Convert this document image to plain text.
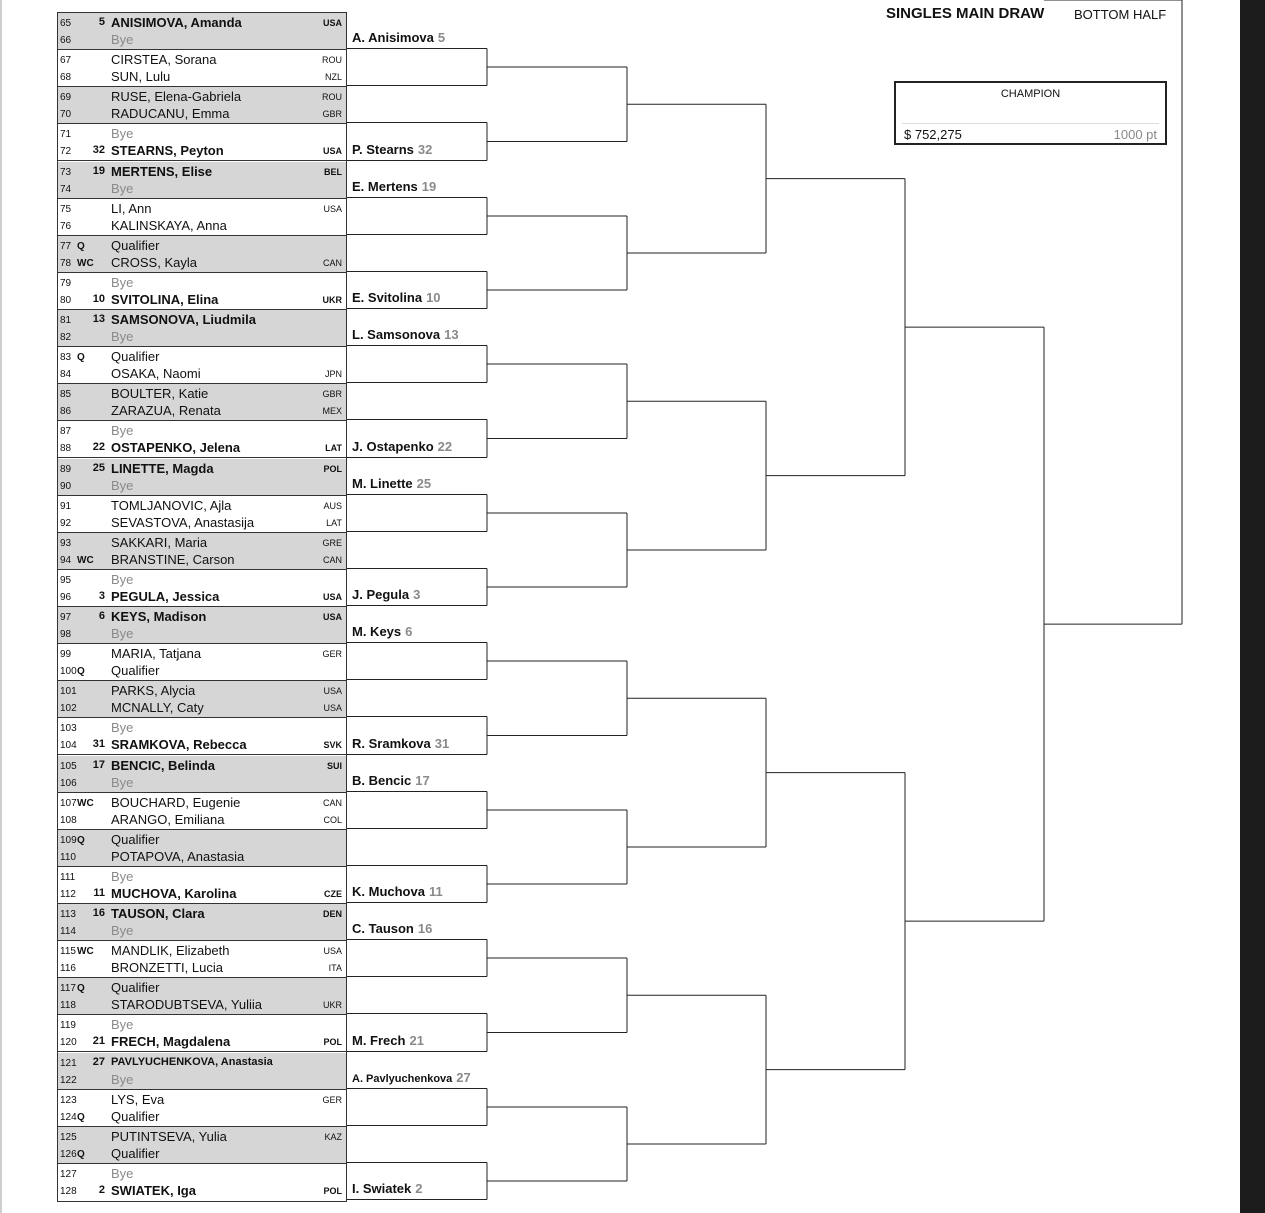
SINGLES MAIN DRAW BOTTOM HALF
CHAMPION
$ 752,275	1000 pt
65	5 ANISIMOVA, Amanda	USA
66	Bye
67	CIRSTEA, Sorana	ROU
68	SUN, Lulu	NZL
69	RUSE, Elena-Gabriela	ROU
70	RADUCANU, Emma	GBR
71	Bye
72 32 STEARNS, Peyton	USA
73 19 MERTENS, Elise	BEL
74	Bye
75	LI, Ann	USA
76	KALINSKAYA, Anna
77 Q Qualifier
78 WC CROSS, Kayla	CAN
79	Bye
80 10 SVITOLINA, Elina	UKR
81 13 SAMSONOVA, Liudmila
82	Bye
83 Q Qualifier
84	OSAKA, Naomi	JPN
85	BOULTER, Katie	GBR
86	ZARAZUA, Renata	MEX
87	Bye
88 22 OSTAPENKO, Jelena	LAT
89 25 LINETTE, Magda	POL
90	Bye
91	TOMLJANOVIC, Ajla	AUS
92	SEVASTOVA, Anastasija	LAT
93	SAKKARI, Maria	GRE
94 WC BRANSTINE, Carson	CAN
95	Bye
96	3 PEGULA, Jessica	USA
97	6 KEYS, Madison	USA
98	Bye
99	MARIA, Tatjana	GER
100 Q Qualifier
101	PARKS, Alycia	USA
102	MCNALLY, Caty	USA
103	Bye
104 31 SRAMKOVA, Rebecca	SVK
105 17 BENCIC, Belinda	SUI
106	Bye
107 WC BOUCHARD, Eugenie	CAN
108	ARANGO, Emiliana	COL
109 Q Qualifier
110	POTAPOVA, Anastasia
111	Bye
112 11 MUCHOVA, Karolina	CZE
113 16 TAUSON, Clara	DEN
114	Bye
115 WC MANDLIK, Elizabeth	USA
116	BRONZETTI, Lucia	ITA
117 Q Qualifier
118	STARODUBTSEVA, Yuliia	UKR
119	Bye
120 21 FRECH, Magdalena	POL
121 27 PAVLYUCHENKOVA, Anastasia
122	Bye
123	LYS, Eva	GER
124 Q Qualifier
125	PUTINTSEVA, Yulia	KAZ
126 Q Qualifier
127	Bye
128 2 SWIATEK, Iga	POL
A. Anisimova 5
P. Stearns 32
E. Mertens 19
E. Svitolina 10
L. Samsonova 13
J. Ostapenko 22
M. Linette 25
J. Pegula 3
M. Keys 6
R. Sramkova 31
B. Bencic 17
K. Muchova 11
C. Tauson 16
M. Frech 21
A. Pavlyuchenkova 27
I. Swiatek 2
